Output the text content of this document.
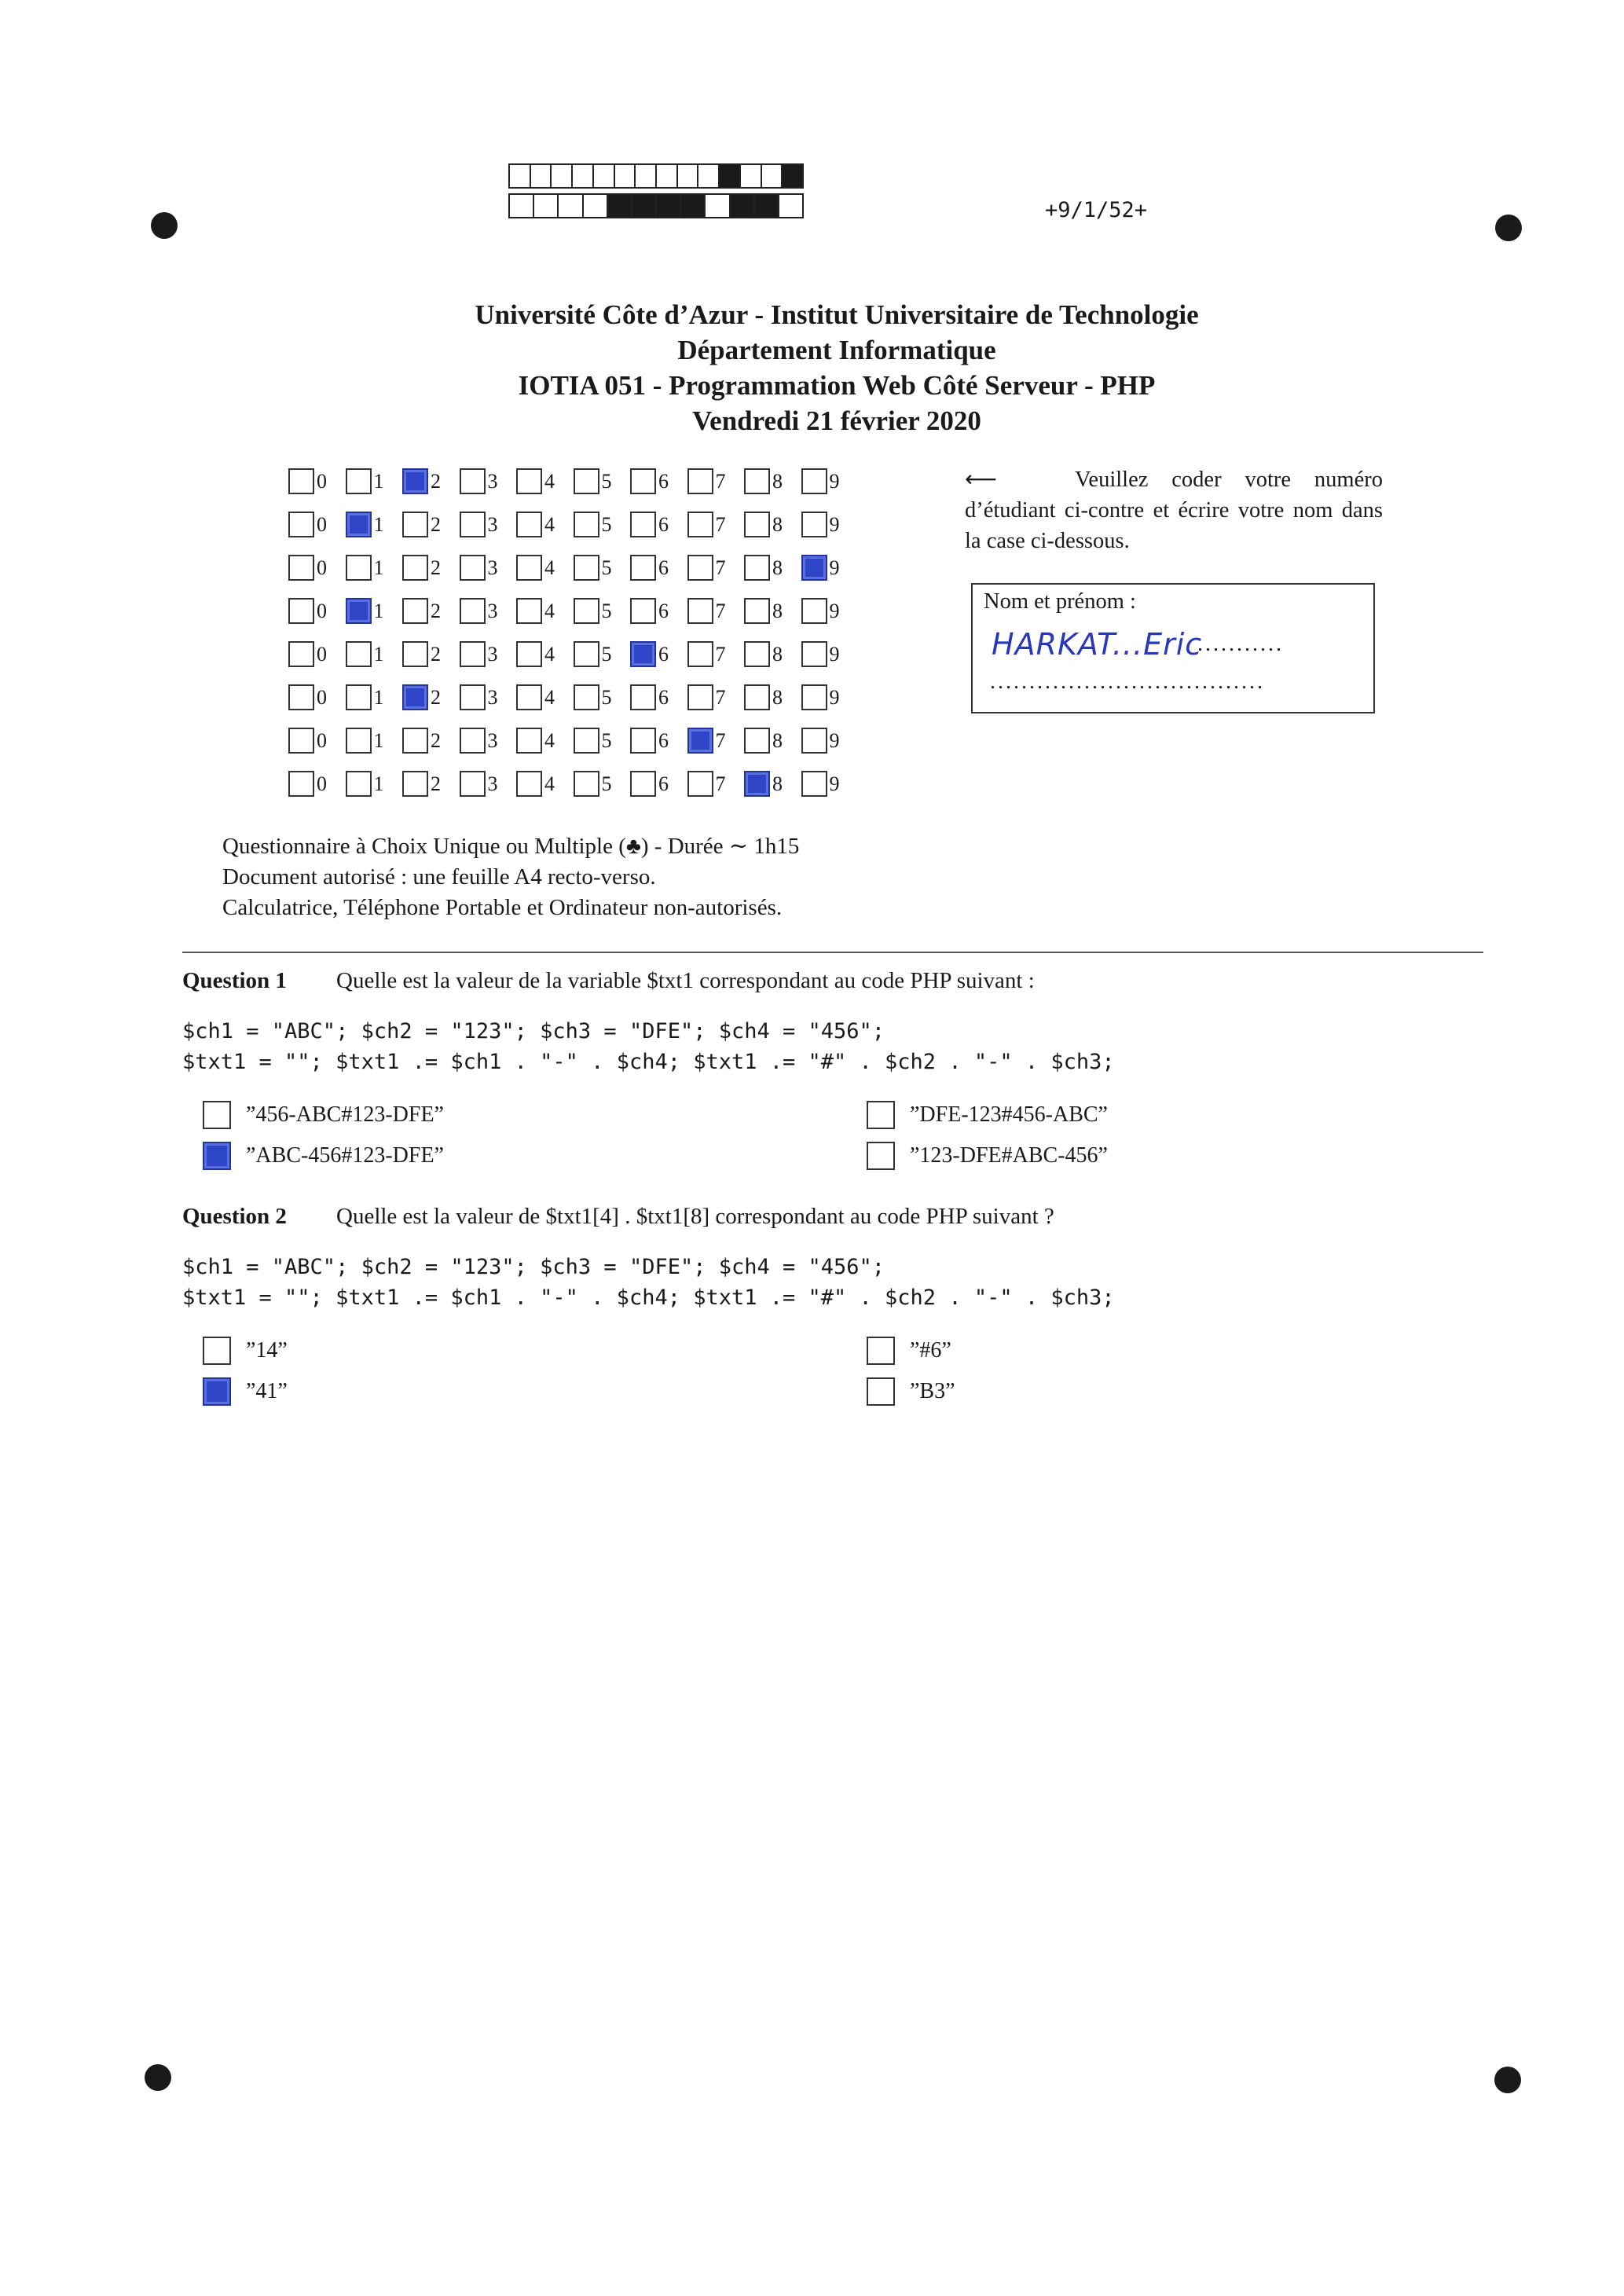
+9/1/52+
Université Côte d’Azur - Institut Universitaire de Technologie
Département Informatique
IOTIA 051 - Programmation Web Côté Serveur - PHP
Vendredi 21 février 2020
0 1 2 3 4 5 6 7 8 9
0 1 2 3 4 5 6 7 8 9
0 1 2 3 4 5 6 7 8 9
0 1 2 3 4 5 6 7 8 9
0 1 2 3 4 5 6 7 8 9
0 1 2 3 4 5 6 7 8 9
0 1 2 3 4 5 6 7 8 9
0 1 2 3 4 5 6 7 8 9
⟵	Veuillez coder votre numéro d’étudiant ci-contre et écrire votre nom dans la case ci-dessous.
Nom et prénom :
HARKAT...Eric
...........
...................................
Questionnaire à Choix Unique ou Multiple (♣) - Durée ∼ 1h15
Document autorisé : une feuille A4 recto-verso.
Calculatrice, Téléphone Portable et Ordinateur non-autorisés.
Question 1 Quelle est la valeur de la variable $txt1 correspondant au code PHP suivant :
$ch1 = "ABC"; $ch2 = "123"; $ch3 = "DFE"; $ch4 = "456";
$txt1 = ""; $txt1 .= $ch1 . "-" . $ch4; $txt1 .= "#" . $ch2 . "-" . $ch3;
”456-ABC#123-DFE”	”DFE-123#456-ABC”
”ABC-456#123-DFE”	”123-DFE#ABC-456”
Question 2 Quelle est la valeur de $txt1[4] . $txt1[8] correspondant au code PHP suivant ?
$ch1 = "ABC"; $ch2 = "123"; $ch3 = "DFE"; $ch4 = "456";
$txt1 = ""; $txt1 .= $ch1 . "-" . $ch4; $txt1 .= "#" . $ch2 . "-" . $ch3;
”14”	”#6”
”41”	”B3”
